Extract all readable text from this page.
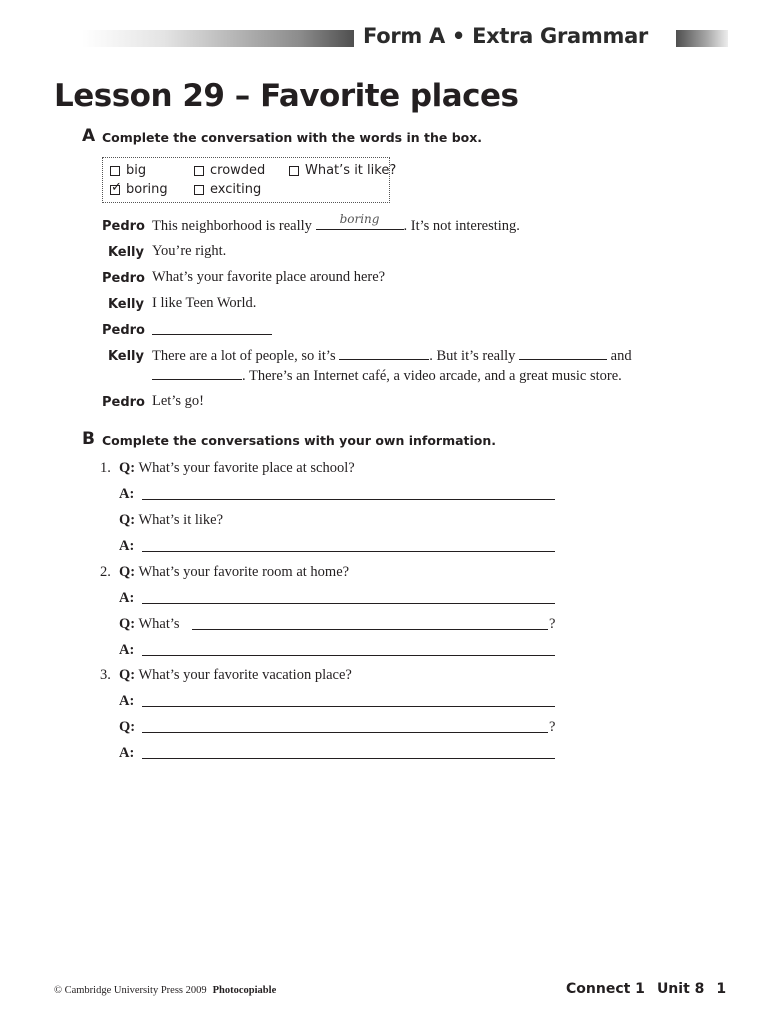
Form A • Extra Grammar
Lesson 29 – Favorite places
A Complete the conversation with the words in the box.
big	crowded	What’s it like?
✓
boring	exciting
Pedro This neighborhood is really	boring	. It’s not interesting.
Kelly You’re right.
Pedro What’s your favorite place around here?
Kelly I like Teen World.
Pedro
Kelly There are a lot of people, so it’s	. But it’s really	and
. There’s an Internet café, a video arcade, and a great music store.
Pedro Let’s go!
B Complete the conversations with your own information.
1. Q: What’s your favorite place at school?
A:
Q: What’s it like?
A:
2. Q: What’s your favorite room at home?
A:
Q: What’s	?
A:
3. Q: What’s your favorite vacation place?
A:
Q:	?
A:
© Cambridge University Press 2009 Photocopiable	Connect 1 Unit 8 1
